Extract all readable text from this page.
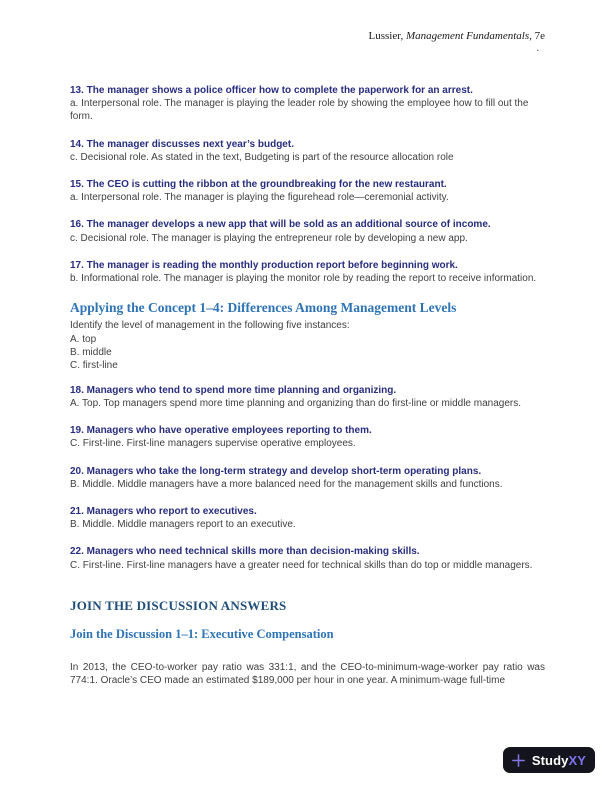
Lussier, Management Fundamentals, 7e
.
13. The manager shows a police officer how to complete the paperwork for an arrest.
a. Interpersonal role. The manager is playing the leader role by showing the employee how to fill out the form.
14. The manager discusses next year’s budget.
c. Decisional role. As stated in the text, Budgeting is part of the resource allocation role
15. The CEO is cutting the ribbon at the groundbreaking for the new restaurant.
a. Interpersonal role. The manager is playing the figurehead role—ceremonial activity.
16. The manager develops a new app that will be sold as an additional source of income.
c. Decisional role. The manager is playing the entrepreneur role by developing a new app.
17. The manager is reading the monthly production report before beginning work.
b. Informational role. The manager is playing the monitor role by reading the report to receive information.
Applying the Concept 1–4: Differences Among Management Levels
Identify the level of management in the following five instances:
A. top
B. middle
C. first-line
18. Managers who tend to spend more time planning and organizing.
A. Top. Top managers spend more time planning and organizing than do first-line or middle managers.
19. Managers who have operative employees reporting to them.
C. First-line. First-line managers supervise operative employees.
20. Managers who take the long-term strategy and develop short-term operating plans.
B. Middle. Middle managers have a more balanced need for the management skills and functions.
21. Managers who report to executives.
B. Middle. Middle managers report to an executive.
22. Managers who need technical skills more than decision-making skills.
C. First-line. First-line managers have a greater need for technical skills than do top or middle managers.
JOIN THE DISCUSSION ANSWERS
Join the Discussion 1–1: Executive Compensation

In 2013, the CEO-to-worker pay ratio was 331:1, and the CEO-to-minimum-wage-worker pay ratio was 774:1. Oracle’s CEO made an estimated $189,000 per hour in one year. A minimum-wage full-time

StudyXY
